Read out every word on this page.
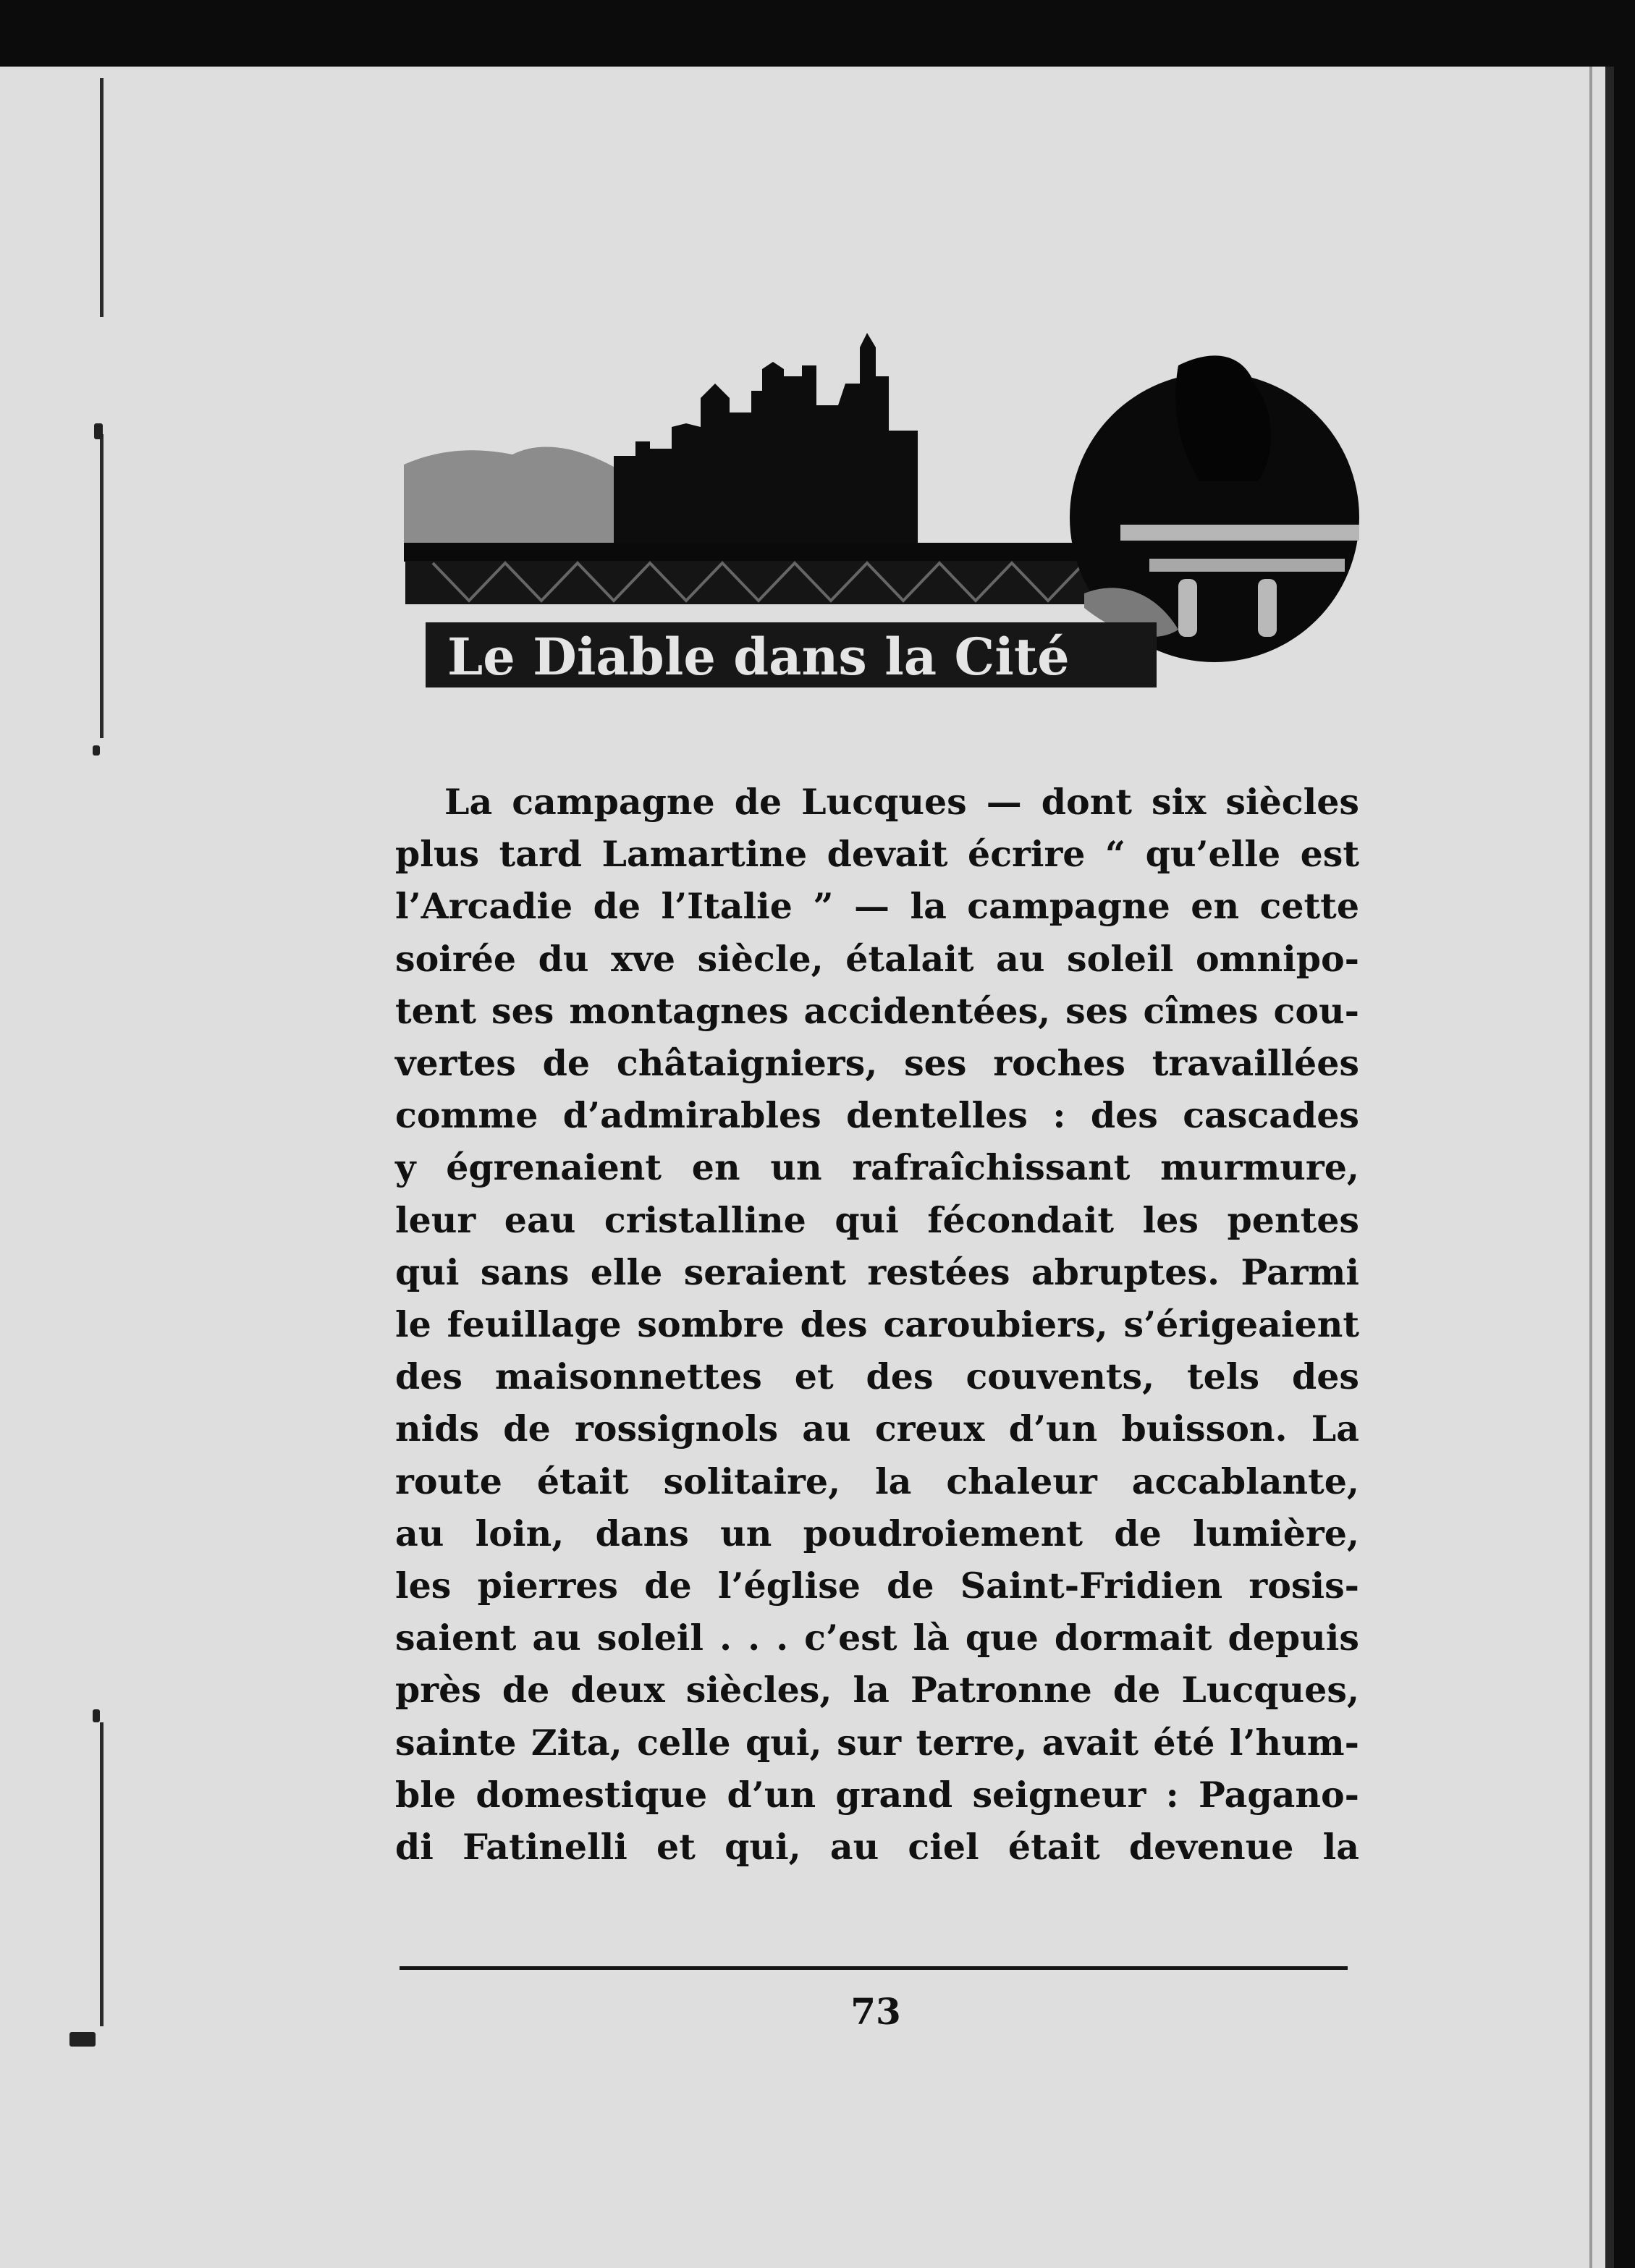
Le Diable dans la Cité
La campagne de Lucques — dont six siècles
plus tard Lamartine devait écrire “ qu’elle est
l’Arcadie de l’Italie ” — la campagne en cette
soirée du xve siècle, étalait au soleil omnipo-
tent ses montagnes accidentées, ses cîmes cou-
vertes de châtaigniers, ses roches travaillées
comme d’admirables dentelles : des cascades
y égrenaient en un rafraîchissant murmure,
leur eau cristalline qui fécondait les pentes
qui sans elle seraient restées abruptes. Parmi
le feuillage sombre des caroubiers, s’érigeaient
des maisonnettes et des couvents, tels des
nids de rossignols au creux d’un buisson. La
route était solitaire, la chaleur accablante,
au loin, dans un poudroiement de lumière,
les pierres de l’église de Saint-Fridien rosis-
saient au soleil . . . c’est là que dormait depuis
près de deux siècles, la Patronne de Lucques,
sainte Zita, celle qui, sur terre, avait été l’hum-
ble domestique d’un grand seigneur : Pagano-
di Fatinelli et qui, au ciel était devenue la
73
